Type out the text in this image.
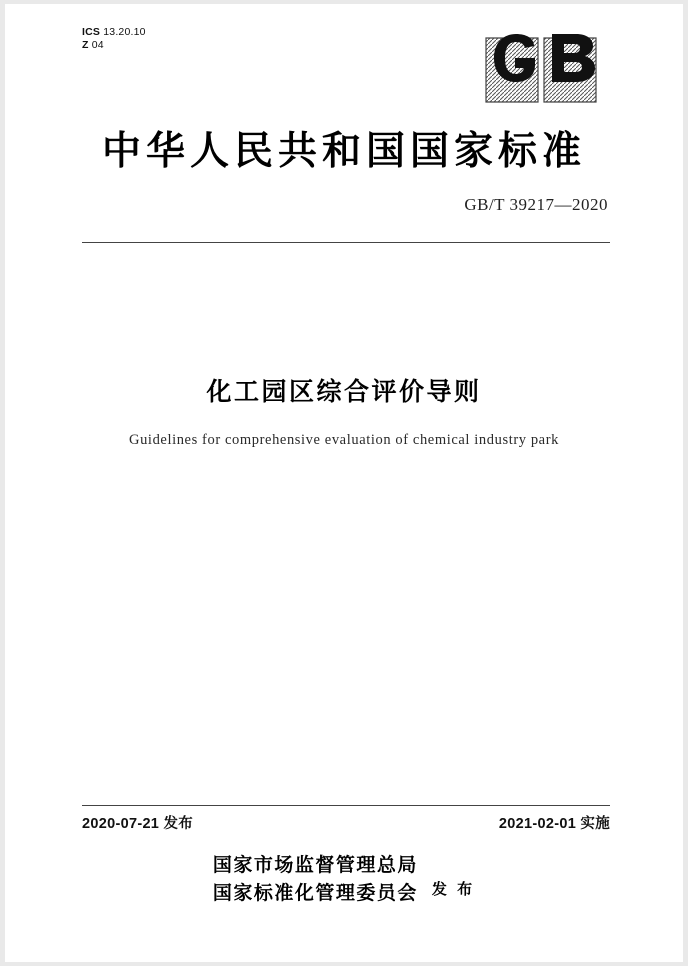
ICS 13.20.10
Z 04
中华人民共和国国家标准
GB/T 39217—2020
化工园区综合评价导则
Guidelines for comprehensive evaluation of chemical industry park
2020-07-21 发布	2021-02-01 实施
国家市场监督管理总局
国家标准化管理委员会 发 布
